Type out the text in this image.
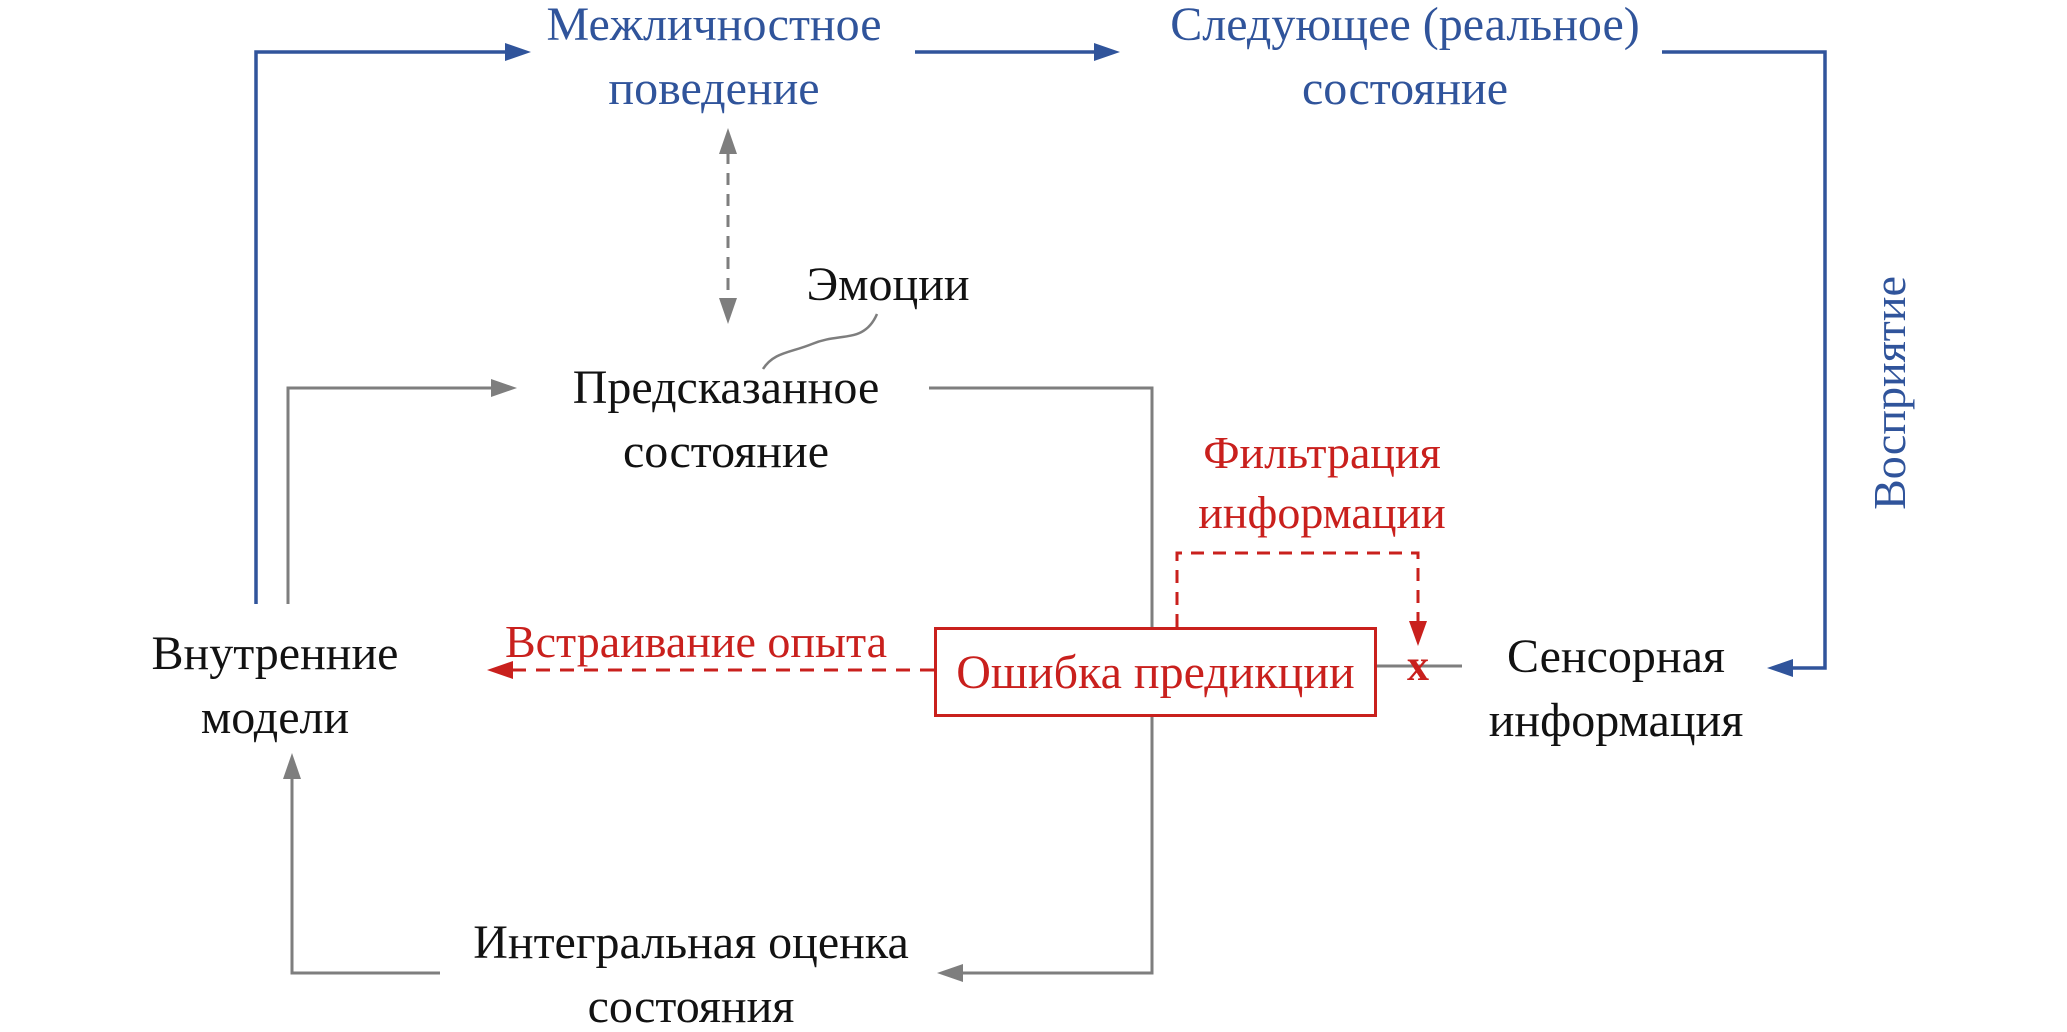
Ошибка предикции
Межличностное
поведение
Следующее (реальное)
состояние
Эмоции
Предсказанное
состояние
Внутренние
модели
Сенсорная
информация
Интегральная оценка
состояния
Фильтрация
информации
Встраивание опыта
Восприятие
x
